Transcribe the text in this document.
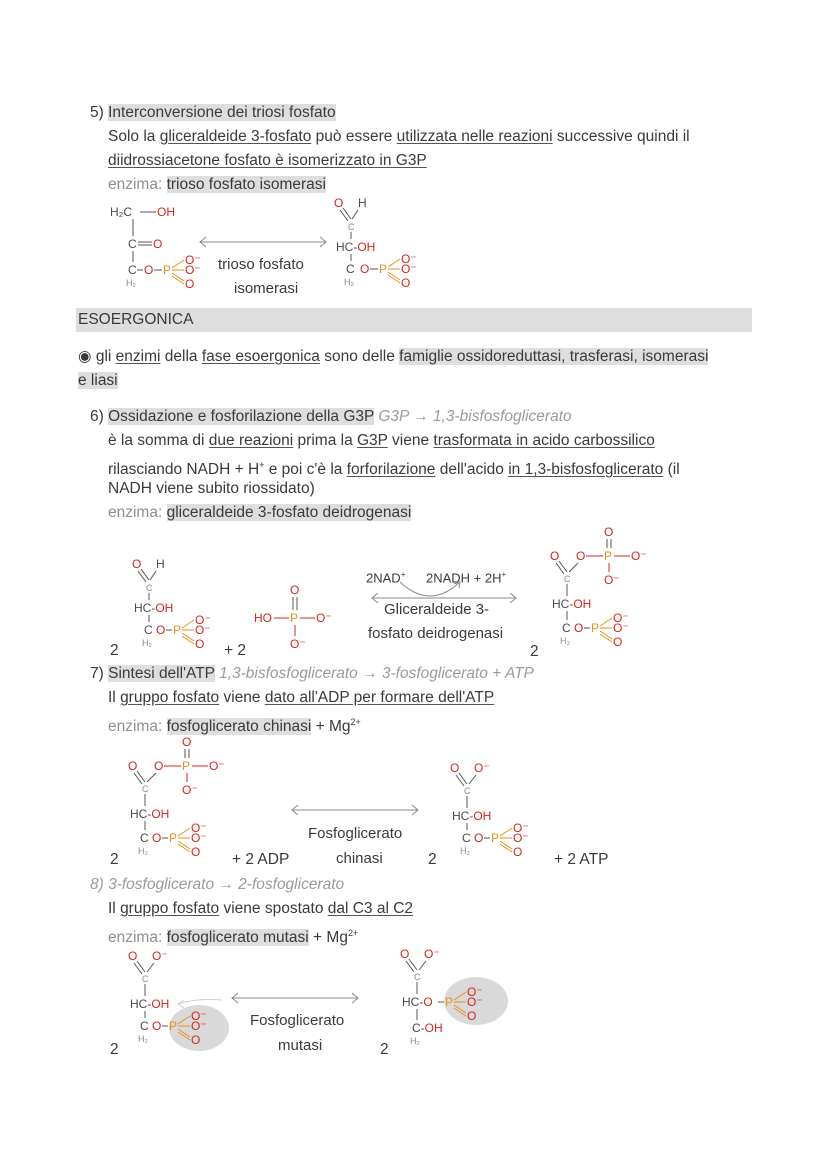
5) Interconversione dei triosi fosfato
Solo la gliceraldeide 3-fosfato può essere utilizzata nelle reazioni successive quindi il
diidrossiacetone fosfato è isomerizzato in G3P
enzima: trioso fosfato isomerasi
H₂C OH
C O
C O P
O⁻
O⁻
O
H₂
trioso fosfato
isomerasi
O H
C
HC-OH
C O P
O⁻
O⁻
O
H₂
ESOERGONICA
◉ gli enzimi della fase esoergonica sono delle famiglie ossidoreduttasi, trasferasi, isomerasi
e liasi
6) Ossidazione e fosforilazione della G3P G3P → 1,3-bisfosfoglicerato
è la somma di due reazioni prima la G3P viene trasformata in acido carbossilico
rilasciando NADH + H+ e poi c'è la forforilazione dell'acido in 1,3-bisfosfoglicerato (il
NADH viene subito riossidato)
enzima: gliceraldeide 3-fosfato deidrogenasi
O H
C
HC-OH
C O P
O⁻
O⁻
O
H₂
2	+ 2
O
HO P O⁻
O⁻
2NAD+ 2NADH + 2H+
Gliceraldeide 3-
fosfato deidrogenasi
O
O O P O⁻
O⁻
C
HC-OH
C O P
O⁻
O⁻
O
H₂
2
7) Sintesi dell'ATP 1,3-bisfosfoglicerato → 3-fosfoglicerato + ATP
Il gruppo fosfato viene dato all'ADP per formare dell'ATP
enzima: fosfoglicerato chinasi + $Mg^{2+}$
O
O O P O⁻
O⁻
C
HC-OH
C O P
O⁻
O⁻
O
H₂
2	+ 2 ADP
Fosfoglicerato
chinasi
O O⁻
C
HC-OH
C O P
O⁻
O⁻
O
H₂
2	+ 2 ATP
8) 3-fosfoglicerato → 2-fosfoglicerato
Il gruppo fosfato viene spostato dal C3 al C2
enzima: fosfoglicerato mutasi + $Mg^{2+}$
O O⁻
C
HC-OH
C O P
O⁻
O⁻
O
H₂
2
Fosfoglicerato
mutasi
O O⁻
C
HC-O P
O⁻
O⁻
O
C-OH
H₂
2
